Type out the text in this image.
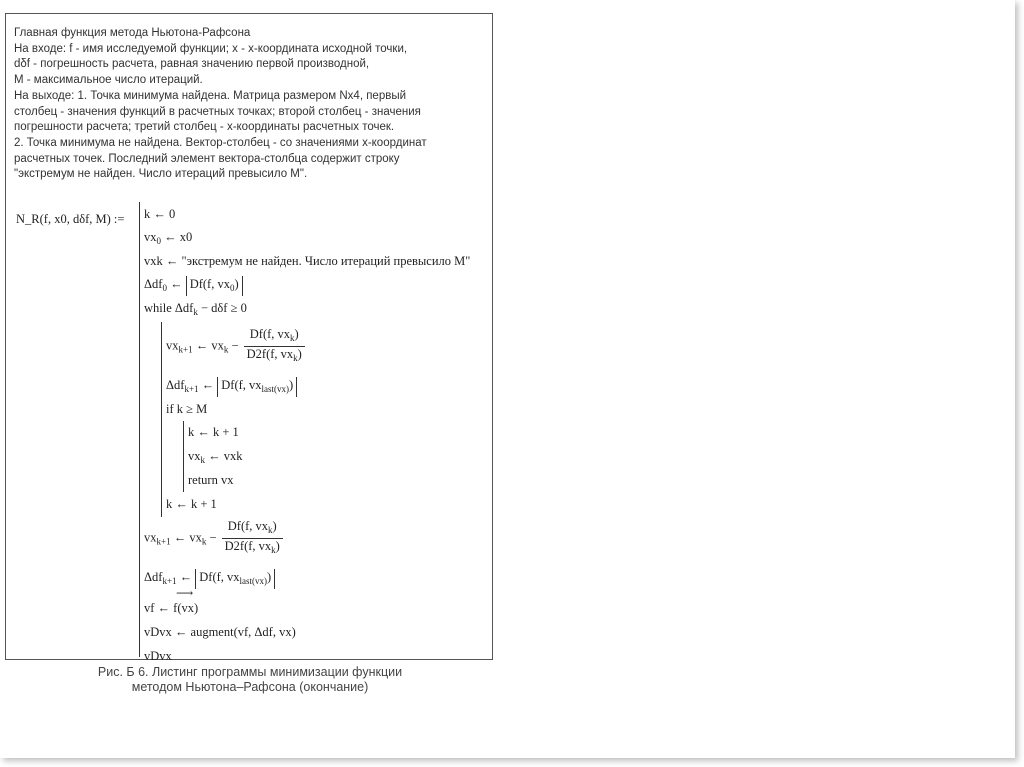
Главная функция метода Ньютона-Рафсона
На входе: f - имя исследуемой функции; x - x-координата исходной точки,
dδf - погрешность расчета, равная значению первой производной,
М - максимальное число итераций.
На выходе: 1. Точка минимума найдена. Матрица размером Nx4, первый
столбец - значения функций в расчетных точках; второй столбец - значения
погрешности расчета; третий столбец - x-координаты расчетных точек.
2. Точка минимума не найдена. Вектор-столбец - со значениями x-координат
расчетных точек. Последний элемент вектора-столбца содержит строку
"экстремум не найден. Число итераций превысило М".
N_R(f, x0, dδf, M) := k ← 0
$vx_0$ ← x0
vxk ← "экстремум не найден. Число итераций превысило М"
Δdf$_0$ ← Df(f, $vx_0$)
while Δdf$_k$ − dδf ≥ 0
$vx_{k+1}$ ← $vx_k - \frac{Df(f, vx_k)}{D2f(f, vx_k)}$
Δdf$_{k+1}$ ← Df(f, $vx_{last(vx)}$)
if k ≥ M
k ← k + 1
$vx_k$ ← vxk
return vx
k ← k + 1
$vx_{k+1}$ ← $vx_k - \frac{Df(f, vx_k)}{D2f(f, vx_k)}$
Δdf$_{k+1}$ ← Df(f, $vx_{last(vx)}$)
⟶
vf ← f(vx)
vDvx ← augment(vf, Δdf, vx)
vDvx
Рис. Б 6. Листинг программы минимизации функции
методом Ньютона–Рафсона (окончание)
